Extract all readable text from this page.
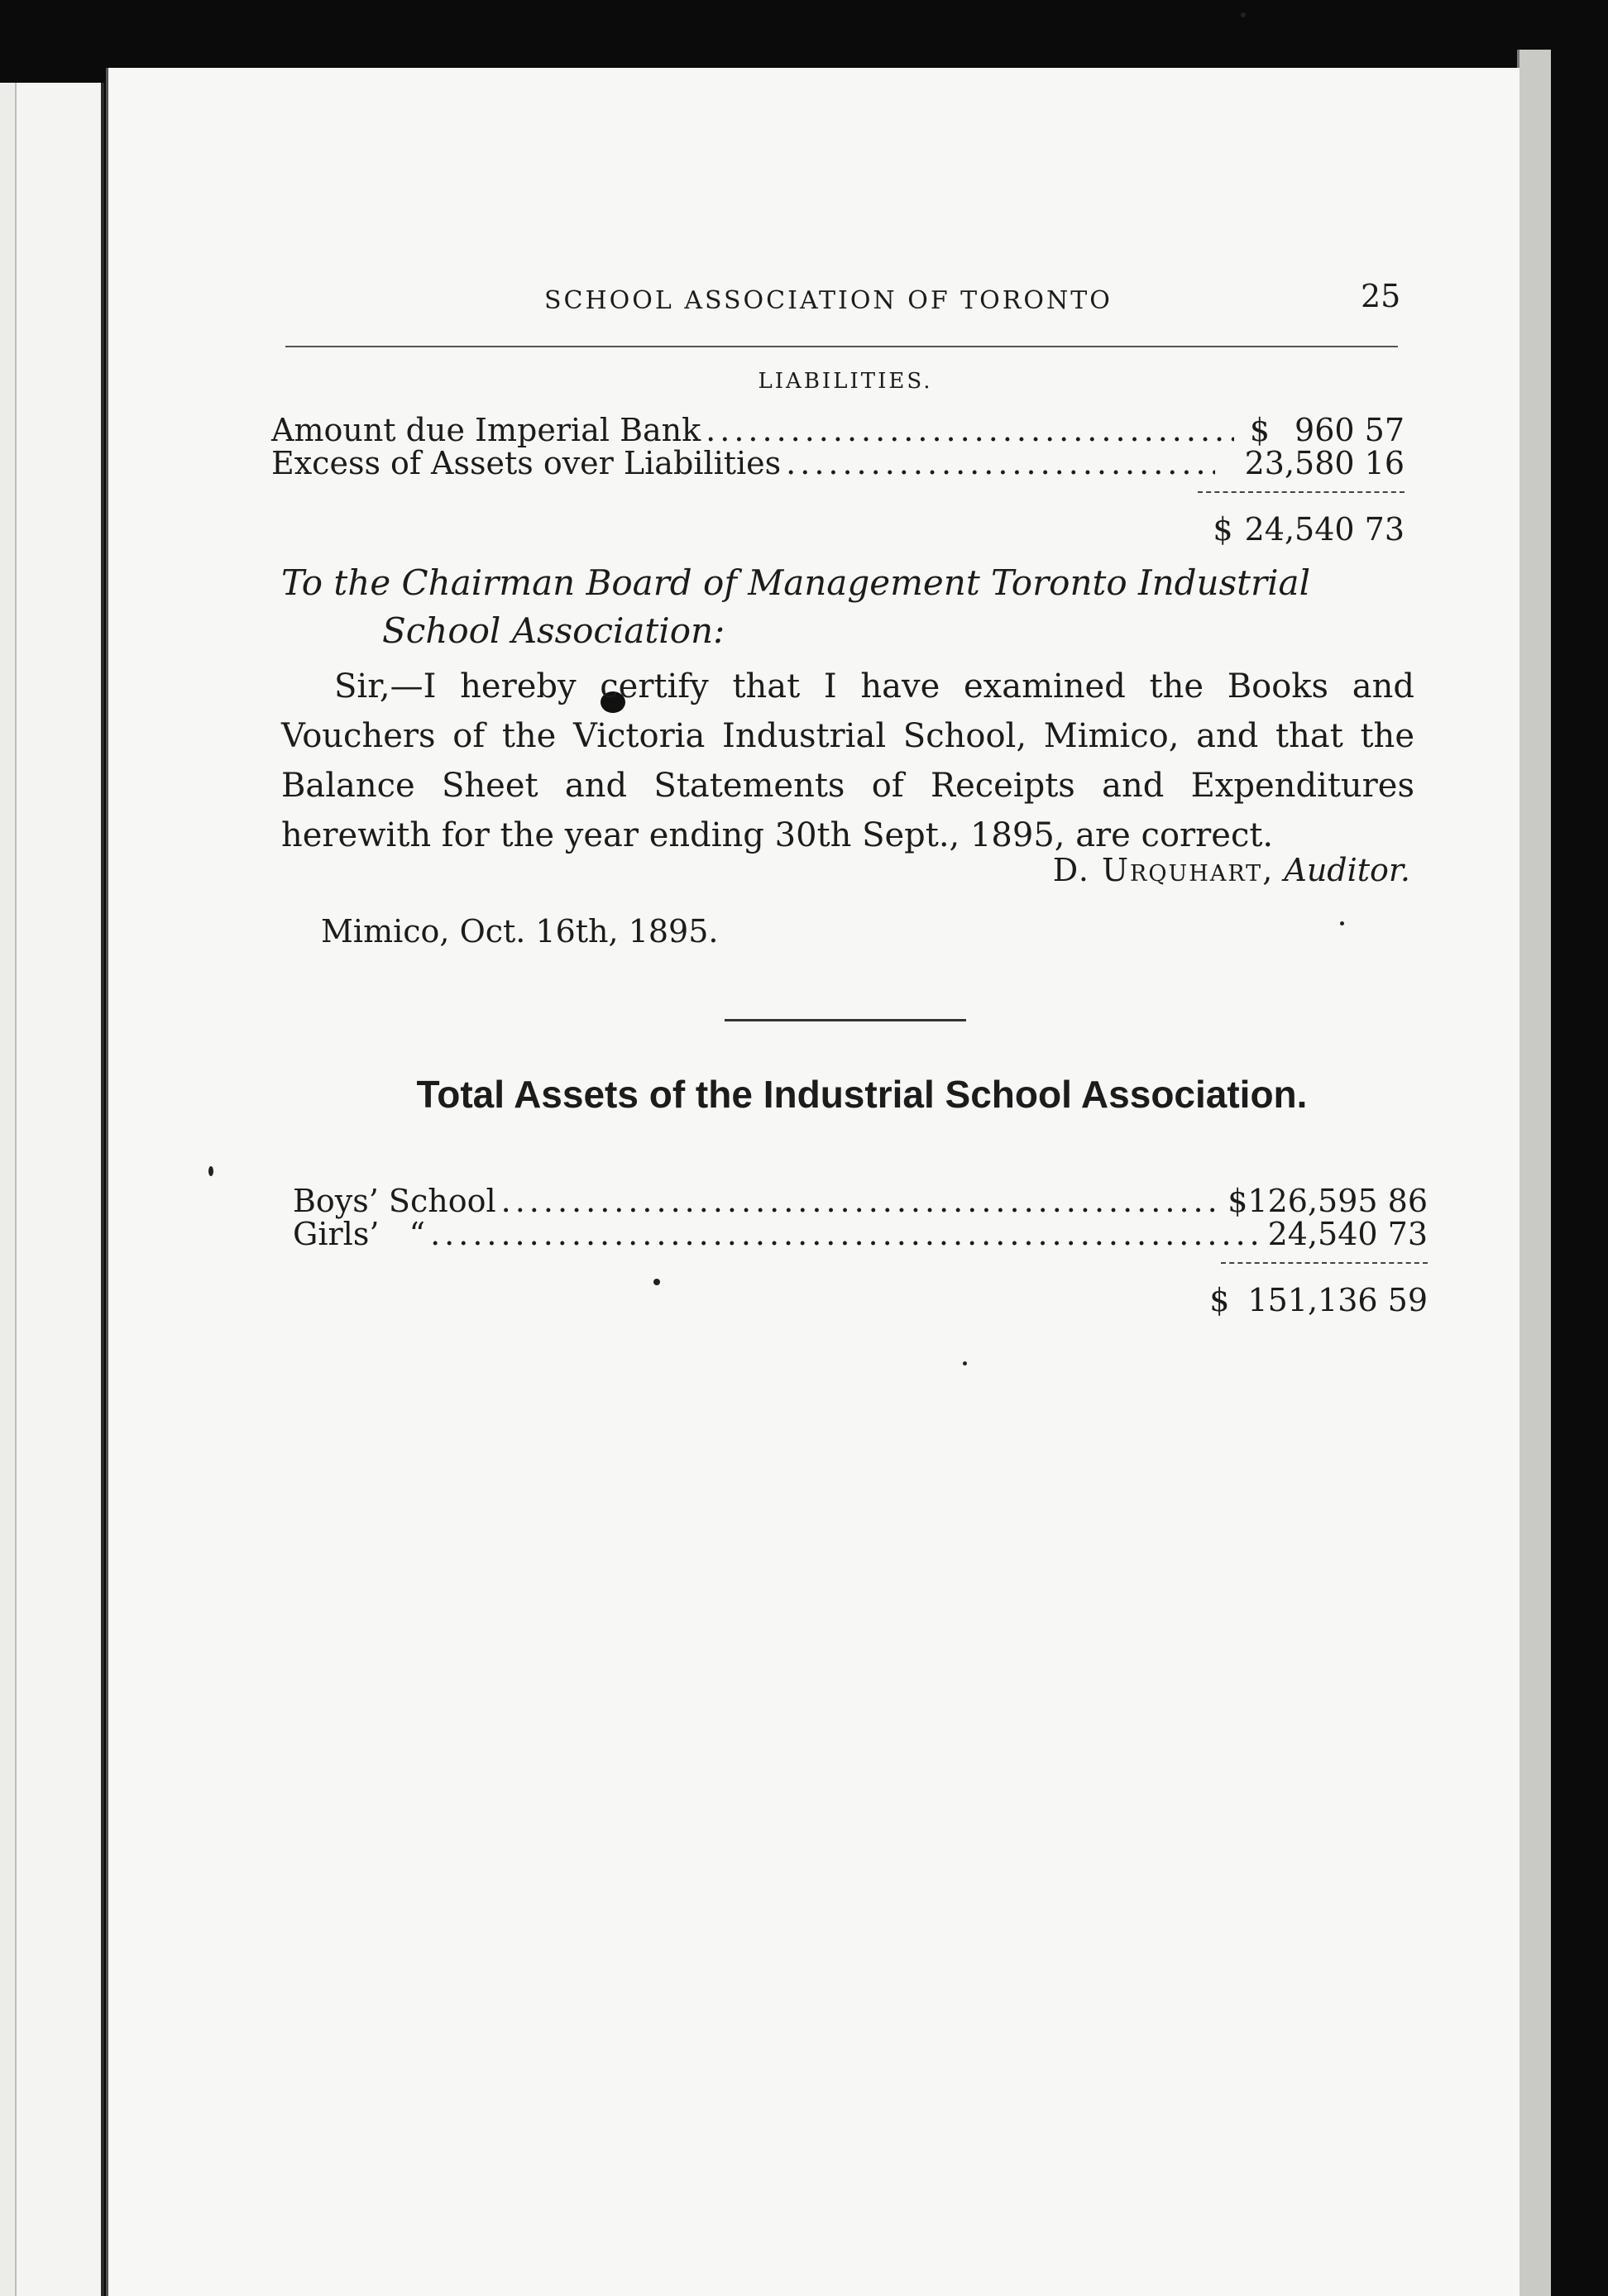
SCHOOL ASSOCIATION OF TORONTO	25
LIABILITIES.
Amount due Imperial Bank .....	$ 960 57
Excess of Assets over Liabilities .....	23,580 16
$ 24,540 73
To the Chairman Board of Management Toronto Industrial
School Association:

Sir,—I hereby certify that I have examined the Books and Vouchers of the Victoria Industrial School, Mimico, and that the Balance Sheet and Statements of Receipts and Expenditures herewith for the year ending 30th Sept., 1895, are correct.

D. Urquhart, Auditor.
Mimico, Oct. 16th, 1895.
Total Assets of the Industrial School Association.
Boys’ School .....	$126,595 86
Girls’   “ .....	24,540 73
$ 151,136 59
